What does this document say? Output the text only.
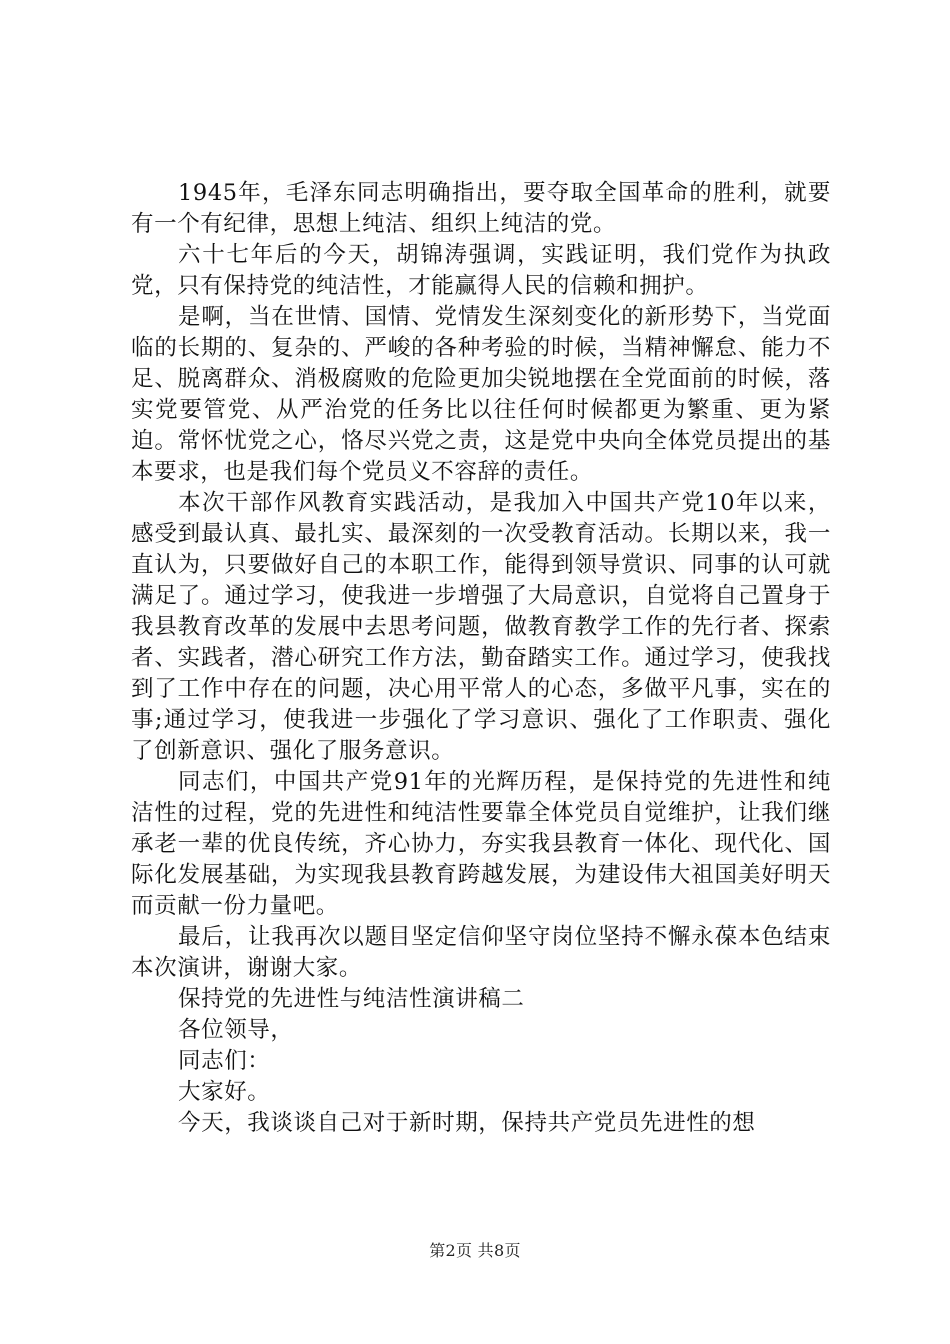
1945年，毛泽东同志明确指出，要夺取全国革命的胜利，就要有一个有纪律，思想上纯洁、组织上纯洁的党。

六十七年后的今天，胡锦涛强调，实践证明，我们党作为执政党，只有保持党的纯洁性，才能赢得人民的信赖和拥护。

是啊，当在世情、国情、党情发生深刻变化的新形势下，当党面临的长期的、复杂的、严峻的各种考验的时候，当精神懈怠、能力不足、脱离群众、消极腐败的危险更加尖锐地摆在全党面前的时候，落实党要管党、从严治党的任务比以往任何时候都更为繁重、更为紧迫。常怀忧党之心，恪尽兴党之责，这是党中央向全体党员提出的基本要求，也是我们每个党员义不容辞的责任。

本次干部作风教育实践活动，是我加入中国共产党10年以来，感受到最认真、最扎实、最深刻的一次受教育活动。长期以来，我一直认为，只要做好自己的本职工作，能得到领导赏识、同事的认可就满足了。通过学习，使我进一步增强了大局意识，自觉将自己置身于我县教育改革的发展中去思考问题，做教育教学工作的先行者、探索者、实践者，潜心研究工作方法，勤奋踏实工作。通过学习，使我找到了工作中存在的问题，决心用平常人的心态，多做平凡事，实在的事;通过学习，使我进一步强化了学习意识、强化了工作职责、强化了创新意识、强化了服务意识。

同志们，中国共产党91年的光辉历程，是保持党的先进性和纯洁性的过程，党的先进性和纯洁性要靠全体党员自觉维护，让我们继承老一辈的优良传统，齐心协力，夯实我县教育一体化、现代化、国际化发展基础，为实现我县教育跨越发展，为建设伟大祖国美好明天而贡献一份力量吧。

最后，让我再次以题目坚定信仰坚守岗位坚持不懈永葆本色结束本次演讲，谢谢大家。

保持党的先进性与纯洁性演讲稿二

各位领导，

同志们：

大家好。

今天，我谈谈自己对于新时期，保持共产党员先进性的想

第2页 共8页
